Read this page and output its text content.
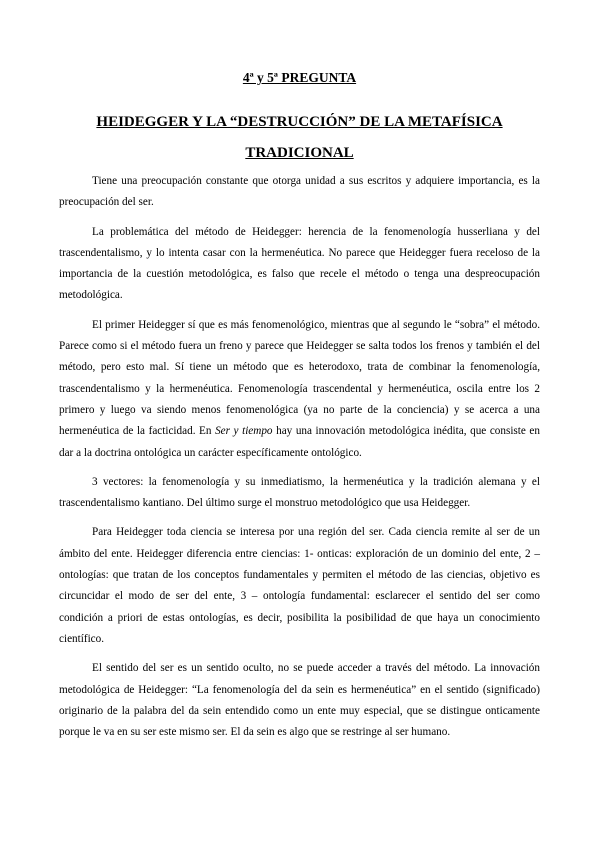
4ª y 5ª PREGUNTA
HEIDEGGER Y LA “DESTRUCCIÓN” DE LA METAFÍSICA TRADICIONAL

Tiene una preocupación constante que otorga unidad a sus escritos y adquiere importancia, es la preocupación del ser.

La problemática del método de Heidegger: herencia de la fenomenología husserliana y del trascendentalismo, y lo intenta casar con la hermenéutica. No parece que Heidegger fuera receloso de la importancia de la cuestión metodológica, es falso que recele el método o tenga una despreocupación metodológica.

El primer Heidegger sí que es más fenomenológico, mientras que al segundo le “sobra” el método. Parece como si el método fuera un freno y parece que Heidegger se salta todos los frenos y también el del método, pero esto mal. Sí tiene un método que es heterodoxo, trata de combinar la fenomenología, trascendentalismo y la hermenéutica. Fenomenología trascendental y hermenéutica, oscila entre los 2 primero y luego va siendo menos fenomenológica (ya no parte de la conciencia) y se acerca a una hermenéutica de la facticidad. En Ser y tiempo hay una innovación metodológica inédita, que consiste en dar a la doctrina ontológica un carácter específicamente ontológico.

3 vectores: la fenomenología y su inmediatismo, la hermenéutica y la tradición alemana y el trascendentalismo kantiano. Del último surge el monstruo metodológico que usa Heidegger.

Para Heidegger toda ciencia se interesa por una región del ser. Cada ciencia remite al ser de un ámbito del ente. Heidegger diferencia entre ciencias: 1- onticas: exploración de un dominio del ente, 2 – ontologías: que tratan de los conceptos fundamentales y permiten el método de las ciencias, objetivo es circuncidar el modo de ser del ente, 3 – ontología fundamental: esclarecer el sentido del ser como condición a priori de estas ontologías, es decir, posibilita la posibilidad de que haya un conocimiento científico.

El sentido del ser es un sentido oculto, no se puede acceder a través del método. La innovación metodológica de Heidegger: “La fenomenología del da sein es hermenéutica” en el sentido (significado) originario de la palabra del da sein entendido como un ente muy especial, que se distingue onticamente porque le va en su ser este mismo ser. El da sein es algo que se restringe al ser humano.
